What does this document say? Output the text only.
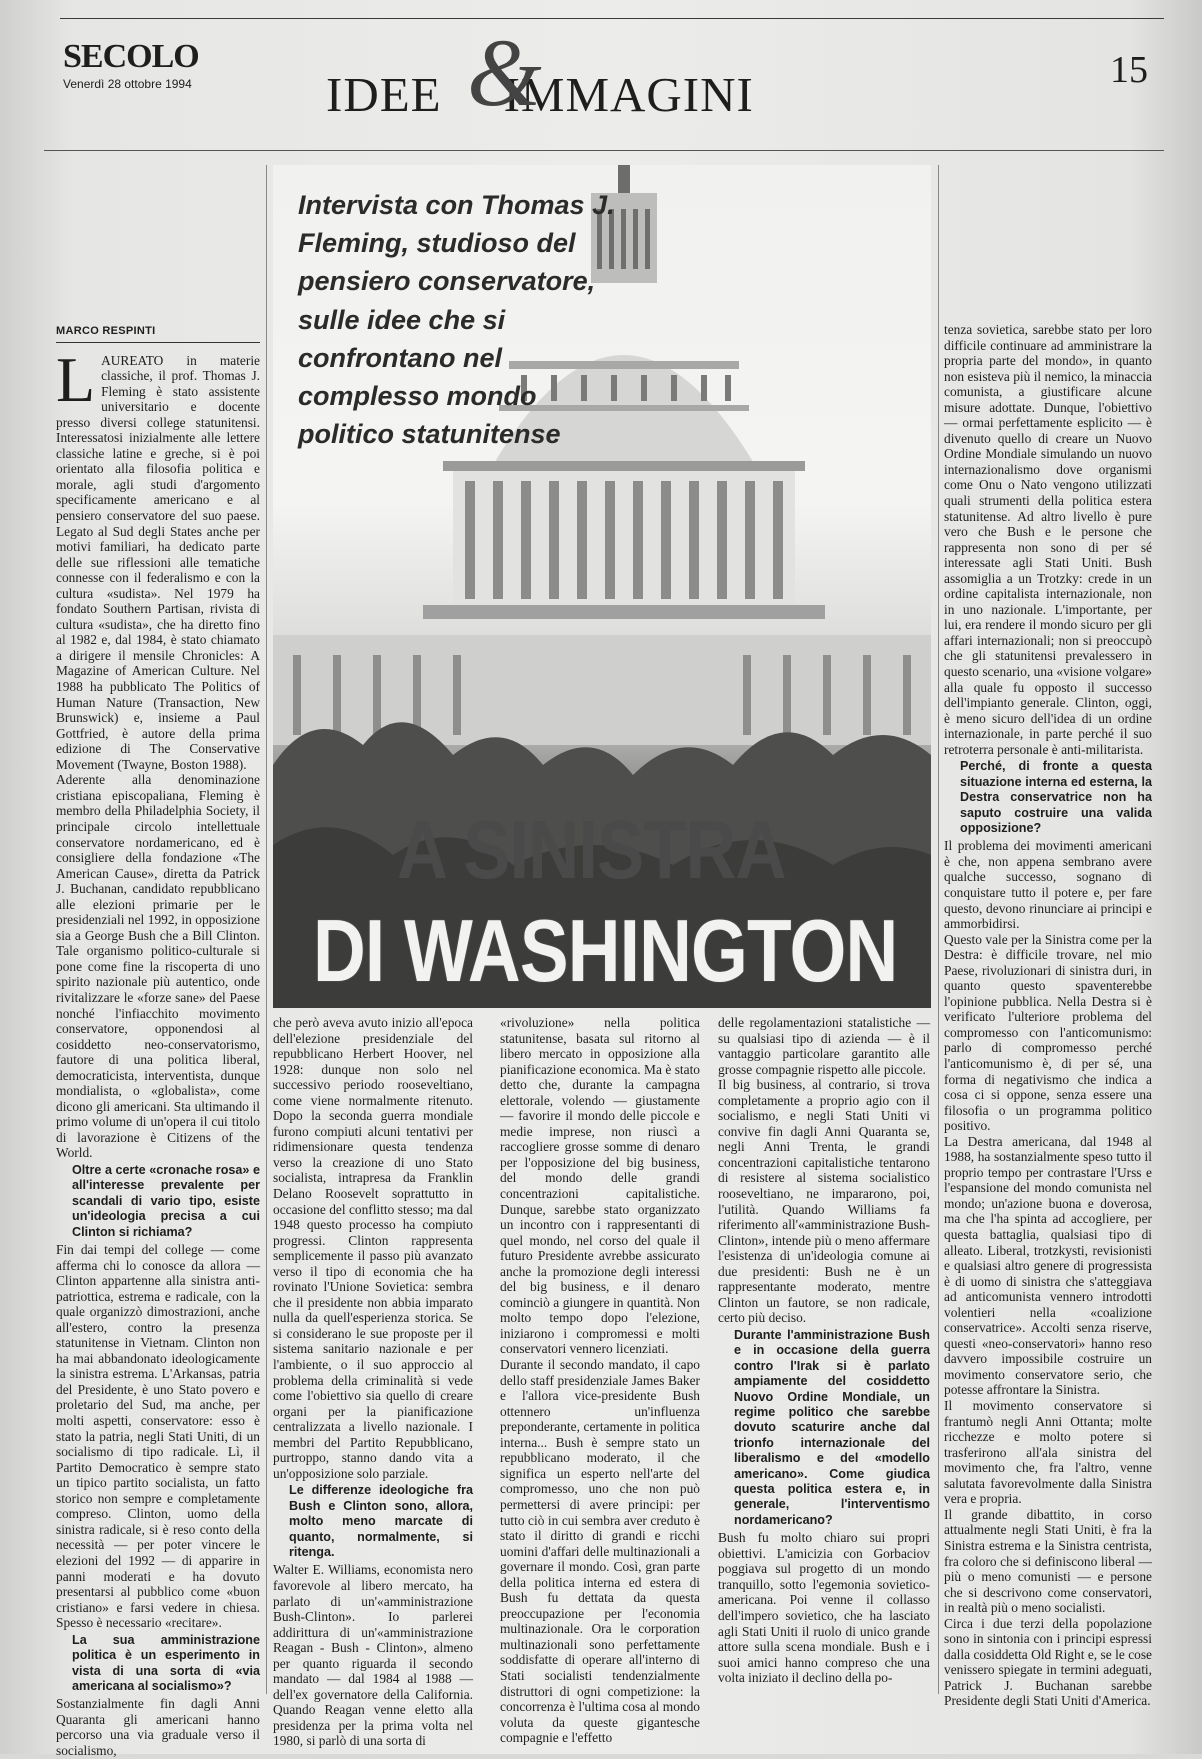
SECOLO
Venerdì 28 ottobre 1994	IDEE &
IMMAGINI	15
Intervista con Thomas J. Fleming, studioso del pensiero conservatore, sulle idee che si confrontano nel complesso mondo politico statunitense
A SINISTRA
DI WASHINGTON
MARCO RESPINTI
L AUREATO in materie classiche, il prof. Thomas J. Fleming è stato assistente universitario e docente presso diversi college statunitensi. Interessatosi inizialmente alle lettere classiche latine e greche, si è poi orientato alla filosofia politica e morale, agli studi d'argomento specificamente americano e al pensiero conservatore del suo paese. Legato al Sud degli States anche per motivi familiari, ha dedicato parte delle sue riflessioni alle tematiche connesse con il federalismo e con la cultura «sudista». Nel 1979 ha fondato Southern Partisan, rivista di cultura «sudista», che ha diretto fino al 1982 e, dal 1984, è stato chiamato a dirigere il mensile Chronicles: A Magazine of American Culture. Nel 1988 ha pubblicato The Politics of Human Nature (Transaction, New Brunswick) e, insieme a Paul Gottfried, è autore della prima edizione di The Conservative Movement (Twayne, Boston 1988).

Aderente alla denominazione cristiana episcopaliana, Fleming è membro della Philadelphia Society, il principale circolo intellettuale conservatore nordamericano, ed è consigliere della fondazione «The American Cause», diretta da Patrick J. Buchanan, candidato repubblicano alle elezioni primarie per le presidenziali nel 1992, in opposizione sia a George Bush che a Bill Clinton. Tale organismo politico-culturale si pone come fine la riscoperta di uno spirito nazionale più autentico, onde rivitalizzare le «forze sane» del Paese nonché l'infiacchito movimento conservatore, opponendosi al cosiddetto neo-conservatorismo, fautore di una politica liberal, democraticista, interventista, dunque mondialista, o «globalista», come dicono gli americani. Sta ultimando il primo volume di un'opera il cui titolo di lavorazione è Citizens of the World.

Oltre a certe «cronache rosa» e all'interesse prevalente per scandali di vario tipo, esiste un'ideologia precisa a cui Clinton si richiama?

Fin dai tempi del college — come afferma chi lo conosce da allora — Clinton appartenne alla sinistra anti-patriottica, estrema e radicale, con la quale organizzò dimostrazioni, anche all'estero, contro la presenza statunitense in Vietnam. Clinton non ha mai abbandonato ideologicamente la sinistra estrema. L'Arkansas, patria del Presidente, è uno Stato povero e proletario del Sud, ma anche, per molti aspetti, conservatore: esso è stato la patria, negli Stati Uniti, di un socialismo di tipo radicale. Lì, il Partito Democratico è sempre stato un tipico partito socialista, un fatto storico non sempre e completamente compreso. Clinton, uomo della sinistra radicale, si è reso conto della necessità — per poter vincere le elezioni del 1992 — di apparire in panni moderati e ha dovuto presentarsi al pubblico come «buon cristiano» e farsi vedere in chiesa. Spesso è necessario «recitare».

La sua amministrazione politica è un esperimento in vista di una sorta di «via americana al socialismo»?

Sostanzialmente fin dagli Anni Quaranta gli americani hanno percorso una via graduale verso il socialismo,

che però aveva avuto inizio all'epoca dell'elezione presidenziale del repubblicano Herbert Hoover, nel 1928: dunque non solo nel successivo periodo rooseveltiano, come viene normalmente ritenuto. Dopo la seconda guerra mondiale furono compiuti alcuni tentativi per ridimensionare questa tendenza verso la creazione di uno Stato socialista, intrapresa da Franklin Delano Roosevelt soprattutto in occasione del conflitto stesso; ma dal 1948 questo processo ha compiuto progressi. Clinton rappresenta semplicemente il passo più avanzato verso il tipo di economia che ha rovinato l'Unione Sovietica: sembra che il presidente non abbia imparato nulla da quell'esperienza storica. Se si considerano le sue proposte per il sistema sanitario nazionale e per l'ambiente, o il suo approccio al problema della criminalità si vede come l'obiettivo sia quello di creare organi per la pianificazione centralizzata a livello nazionale. I membri del Partito Repubblicano, purtroppo, stanno dando vita a un'opposizione solo parziale.

Le differenze ideologiche fra Bush e Clinton sono, allora, molto meno marcate di quanto, normalmente, si ritenga.

Walter E. Williams, economista nero favorevole al libero mercato, ha parlato di un'«amministrazione Bush-Clinton». Io parlerei addirittura di un'«amministrazione Reagan - Bush - Clinton», almeno per quanto riguarda il secondo mandato — dal 1984 al 1988 — dell'ex governatore della California. Quando Reagan venne eletto alla presidenza per la prima volta nel 1980, si parlò di una sorta di

«rivoluzione» nella politica statunitense, basata sul ritorno al libero mercato in opposizione alla pianificazione economica. Ma è stato detto che, durante la campagna elettorale, volendo — giustamente — favorire il mondo delle piccole e medie imprese, non riuscì a raccogliere grosse somme di denaro per l'opposizione del big business, del mondo delle grandi concentrazioni capitalistiche. Dunque, sarebbe stato organizzato un incontro con i rappresentanti di quel mondo, nel corso del quale il futuro Presidente avrebbe assicurato anche la promozione degli interessi del big business, e il denaro cominciò a giungere in quantità. Non molto tempo dopo l'elezione, iniziarono i compromessi e molti conservatori vennero licenziati.

Durante il secondo mandato, il capo dello staff presidenziale James Baker e l'allora vice-presidente Bush ottennero un'influenza preponderante, certamente in politica interna... Bush è sempre stato un repubblicano moderato, il che significa un esperto nell'arte del compromesso, uno che non può permettersi di avere principi: per tutto ciò in cui sembra aver creduto è stato il diritto di grandi e ricchi uomini d'affari delle multinazionali a governare il mondo. Così, gran parte della politica interna ed estera di Bush fu dettata da questa preoccupazione per l'economia multinazionale. Ora le corporation multinazionali sono perfettamente soddisfatte di operare all'interno di Stati socialisti tendenzialmente distruttori di ogni competizione: la concorrenza è l'ultima cosa al mondo voluta da queste gigantesche compagnie e l'effetto

delle regolamentazioni statalistiche — su qualsiasi tipo di azienda — è il vantaggio particolare garantito alle grosse compagnie rispetto alle piccole.

Il big business, al contrario, si trova completamente a proprio agio con il socialismo, e negli Stati Uniti vi convive fin dagli Anni Quaranta se, negli Anni Trenta, le grandi concentrazioni capitalistiche tentarono di resistere al sistema socialistico rooseveltiano, ne impararono, poi, l'utilità. Quando Williams fa riferimento all'«amministrazione Bush-Clinton», intende più o meno affermare l'esistenza di un'ideologia comune ai due presidenti: Bush ne è un rappresentante moderato, mentre Clinton un fautore, se non radicale, certo più deciso.

Durante l'amministrazione Bush e in occasione della guerra contro l'Irak si è parlato ampiamente del cosiddetto Nuovo Ordine Mondiale, un regime politico che sarebbe dovuto scaturire anche dal trionfo internazionale del liberalismo e del «modello americano». Come giudica questa politica estera e, in generale, l'interventismo nordamericano?

Bush fu molto chiaro sui propri obiettivi. L'amicizia con Gorbaciov poggiava sul progetto di un mondo tranquillo, sotto l'egemonia sovietico-americana. Poi venne il collasso dell'impero sovietico, che ha lasciato agli Stati Uniti il ruolo di unico grande attore sulla scena mondiale. Bush e i suoi amici hanno compreso che una volta iniziato il declino della po-

tenza sovietica, sarebbe stato per loro difficile continuare ad amministrare la propria parte del mondo», in quanto non esisteva più il nemico, la minaccia comunista, a giustificare alcune misure adottate. Dunque, l'obiettivo — ormai perfettamente esplicito — è divenuto quello di creare un Nuovo Ordine Mondiale simulando un nuovo internazionalismo dove organismi come Onu o Nato vengono utilizzati quali strumenti della politica estera statunitense. Ad altro livello è pure vero che Bush e le persone che rappresenta non sono di per sé interessate agli Stati Uniti. Bush assomiglia a un Trotzky: crede in un ordine capitalista internazionale, non in uno nazionale. L'importante, per lui, era rendere il mondo sicuro per gli affari internazionali; non si preoccupò che gli statunitensi prevalessero in questo scenario, una «visione volgare» alla quale fu opposto il successo dell'impianto generale. Clinton, oggi, è meno sicuro dell'idea di un ordine internazionale, in parte perché il suo retroterra personale è anti-militarista.

Perché, di fronte a questa situazione interna ed esterna, la Destra conservatrice non ha saputo costruire una valida opposizione?

Il problema dei movimenti americani è che, non appena sembrano avere qualche successo, sognano di conquistare tutto il potere e, per fare questo, devono rinunciare ai principi e ammorbidirsi.

Questo vale per la Sinistra come per la Destra: è difficile trovare, nel mio Paese, rivoluzionari di sinistra duri, in quanto questo spaventerebbe l'opinione pubblica. Nella Destra si è verificato l'ulteriore problema del compromesso con l'anticomunismo: parlo di compromesso perché l'anticomunismo è, di per sé, una forma di negativismo che indica a cosa ci si oppone, senza essere una filosofia o un programma politico positivo.

La Destra americana, dal 1948 al 1988, ha sostanzialmente speso tutto il proprio tempo per contrastare l'Urss e l'espansione del mondo comunista nel mondo; un'azione buona e doverosa, ma che l'ha spinta ad accogliere, per questa battaglia, qualsiasi tipo di alleato. Liberal, trotzkysti, revisionisti e qualsiasi altro genere di progressista è di uomo di sinistra che s'atteggiava ad anticomunista vennero introdotti volentieri nella «coalizione conservatrice». Accolti senza riserve, questi «neo-conservatori» hanno reso davvero impossibile costruire un movimento conservatore serio, che potesse affrontare la Sinistra.

Il movimento conservatore si frantumò negli Anni Ottanta; molte ricchezze e molto potere si trasferirono all'ala sinistra del movimento che, fra l'altro, venne salutata favorevolmente dalla Sinistra vera e propria.

Il grande dibattito, in corso attualmente negli Stati Uniti, è fra la Sinistra estrema e la Sinistra centrista, fra coloro che si definiscono liberal — più o meno comunisti — e persone che si descrivono come conservatori, in realtà più o meno socialisti.

Circa i due terzi della popolazione sono in sintonia con i principi espressi dalla cosiddetta Old Right e, se le cose venissero spiegate in termini adeguati, Patrick J. Buchanan sarebbe Presidente degli Stati Uniti d'America.
